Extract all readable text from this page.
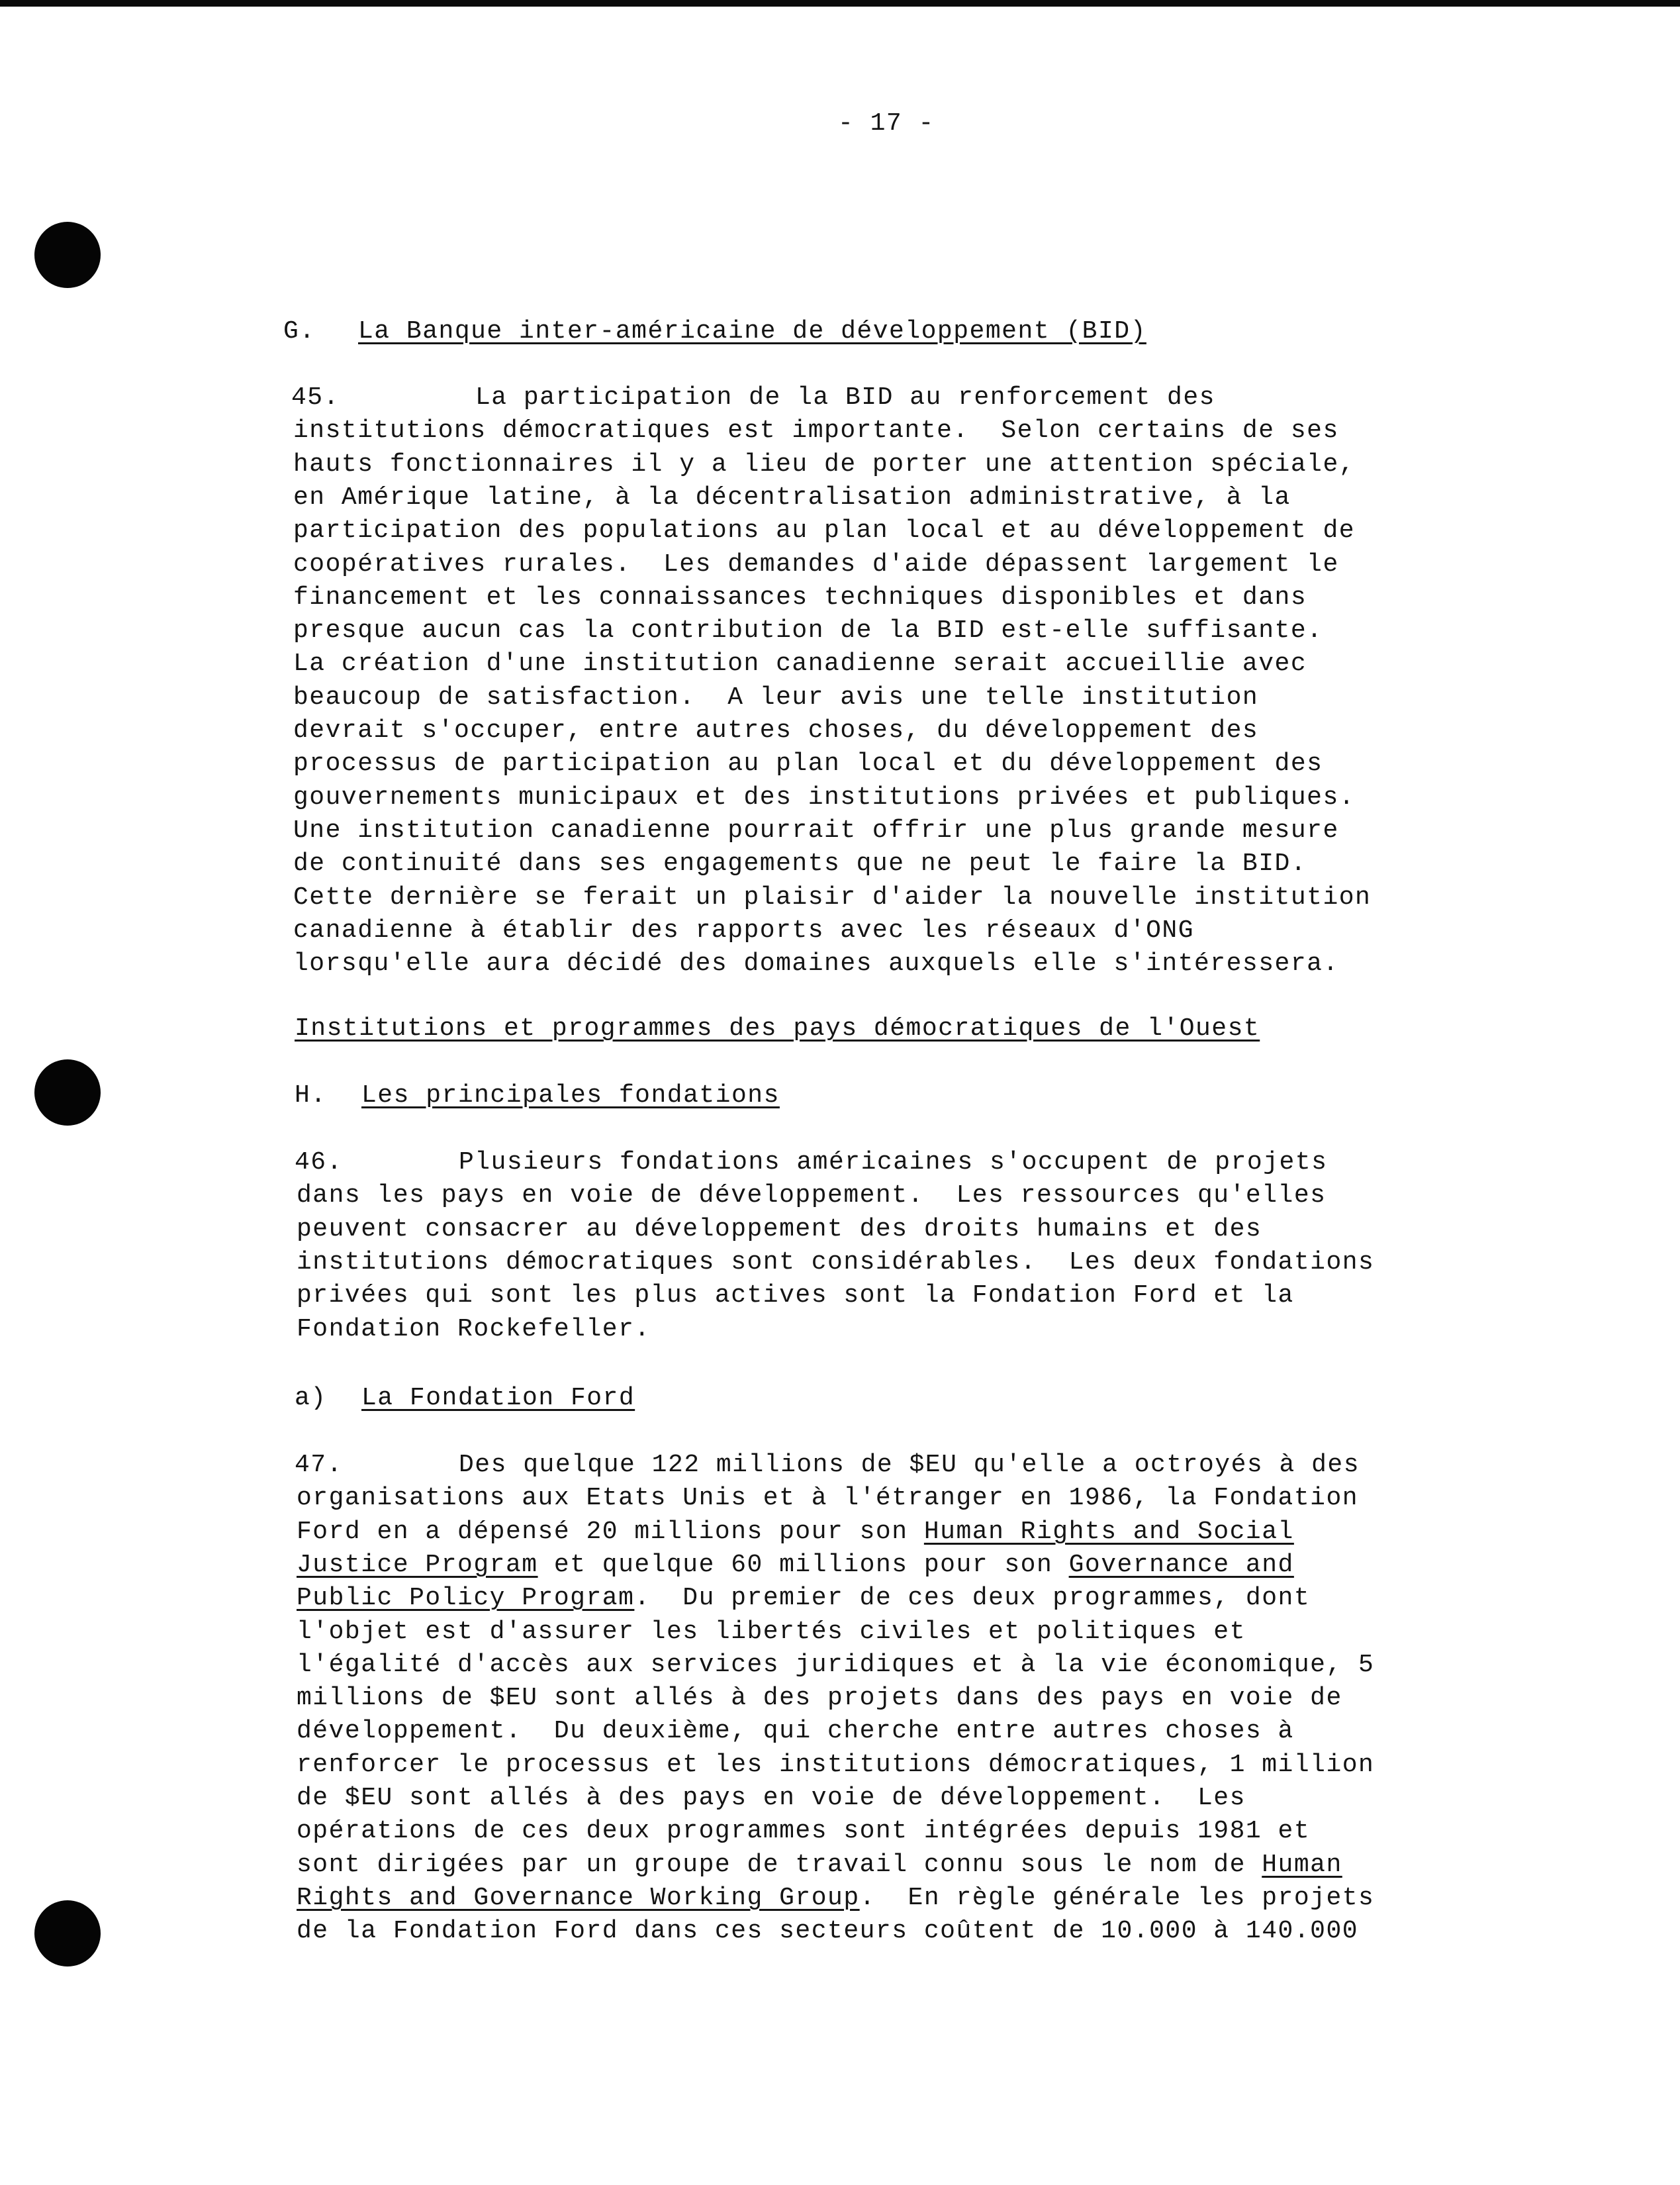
- 17 -
G. La Banque inter-américaine de développement (BID)
45.	La participation de la BID au renforcement des
institutions démocratiques est importante.  Selon certains de ses
hauts fonctionnaires il y a lieu de porter une attention spéciale,
en Amérique latine, à la décentralisation administrative, à la
participation des populations au plan local et au développement de
coopératives rurales.  Les demandes d'aide dépassent largement le
financement et les connaissances techniques disponibles et dans
presque aucun cas la contribution de la BID est-elle suffisante.
La création d'une institution canadienne serait accueillie avec
beaucoup de satisfaction.  A leur avis une telle institution
devrait s'occuper, entre autres choses, du développement des
processus de participation au plan local et du développement des
gouvernements municipaux et des institutions privées et publiques.
Une institution canadienne pourrait offrir une plus grande mesure
de continuité dans ses engagements que ne peut le faire la BID.
Cette dernière se ferait un plaisir d'aider la nouvelle institution
canadienne à établir des rapports avec les réseaux d'ONG
lorsqu'elle aura décidé des domaines auxquels elle s'intéressera.
Institutions et programmes des pays démocratiques de l'Ouest
H. Les principales fondations
46.	Plusieurs fondations américaines s'occupent de projets
dans les pays en voie de développement.  Les ressources qu'elles
peuvent consacrer au développement des droits humains et des
institutions démocratiques sont considérables.  Les deux fondations
privées qui sont les plus actives sont la Fondation Ford et la
Fondation Rockefeller.
a) La Fondation Ford
47.	Des quelque 122 millions de $EU qu'elle a octroyés à des
organisations aux Etats Unis et à l'étranger en 1986, la Fondation
Ford en a dépensé 20 millions pour son Human Rights and Social
Justice Program et quelque 60 millions pour son Governance and
Public Policy Program.  Du premier de ces deux programmes, dont
l'objet est d'assurer les libertés civiles et politiques et
l'égalité d'accès aux services juridiques et à la vie économique, 5
millions de $EU sont allés à des projets dans des pays en voie de
développement.  Du deuxième, qui cherche entre autres choses à
renforcer le processus et les institutions démocratiques, 1 million
de $EU sont allés à des pays en voie de développement.  Les
opérations de ces deux programmes sont intégrées depuis 1981 et
sont dirigées par un groupe de travail connu sous le nom de Human
Rights and Governance Working Group.  En règle générale les projets
de la Fondation Ford dans ces secteurs coûtent de 10.000 à 140.000
